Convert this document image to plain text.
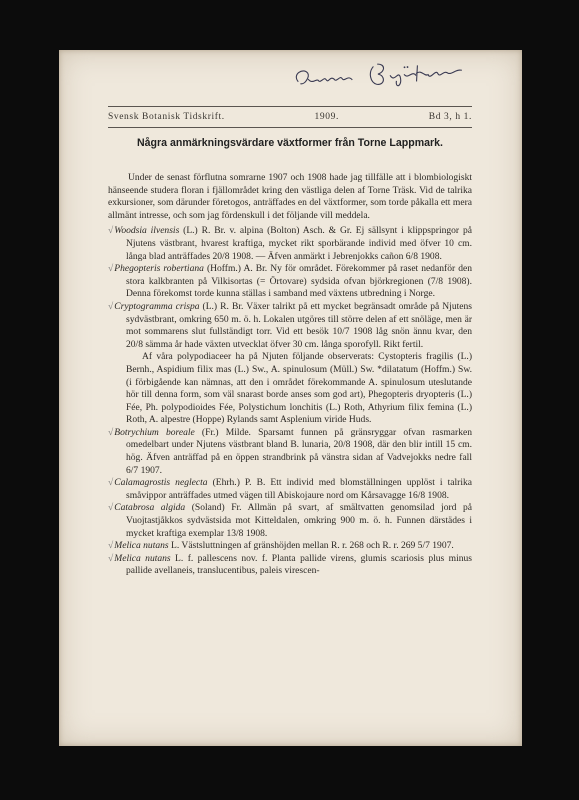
Svensk Botanisk Tidskrift.	1909.	Bd 3, h 1.
Några anmärkningsvärdare växtformer från Torne Lappmark.

Under de senast förflutna somrarne 1907 och 1908 hade jag tillfälle att i blombiologiskt hänseende studera floran i fjällområdet kring den västliga delen af Torne Träsk. Vid de talrika exkursioner, som därunder företogos, anträffades en del växtformer, som torde påkalla ett mera allmänt intresse, och som jag fördenskull i det följande vill meddela.

√Woodsia ilvensis (L.) R. Br. v. alpina (Bolton) Asch. & Gr. Ej sällsynt i klippspringor på Njutens västbrant, hvarest kraftiga, mycket rikt sporbärande individ med öfver 10 cm. långa blad anträffades 20/8 1908. — Äfven anmärkt i Jebrenjokks cañon 6/8 1908.

√Phegopteris robertiana (Hoffm.) A. Br. Ny för området. Förekommer på raset nedanför den stora kalkbranten på Vilkisortas (= Örtovare) sydsida ofvan björkregionen (7/8 1908). Denna förekomst torde kunna ställas i samband med växtens utbredning i Norge.

√Cryptogramma crispa (L.) R. Br. Växer talrikt på ett mycket begränsadt område på Njutens sydvästbrant, omkring 650 m. ö. h. Lokalen utgöres till större delen af ett snöläge, men är mot sommarens slut fullständigt torr. Vid ett besök 10/7 1908 låg snön ännu kvar, den 20/8 sämma år hade växten utvecklat öfver 30 cm. långa sporofyll. Rikt fertil.

Af våra polypodiaceer ha på Njuten följande observerats: Cystopteris fragilis (L.) Bernh., Aspidium filix mas (L.) Sw., A. spinulosum (Müll.) Sw. *dilatatum (Hoffm.) Sw. (i förbigående kan nämnas, att den i området förekommande A. spinulosum uteslutande hör till denna form, som väl snarast borde anses som god art), Phegopteris dryopteris (L.) Fée, Ph. polypodioides Fée, Polystichum lonchitis (L.) Roth, Athyrium filix femina (L.) Roth, A. alpestre (Hoppe) Rylands samt Asplenium viride Huds.

√Botrychium boreale (Fr.) Milde. Sparsamt funnen på gränsryggar ofvan rasmarken omedelbart under Njutens västbrant bland B. lunaria, 20/8 1908, där den blir intill 15 cm. hög. Äfven anträffad på en öppen strandbrink på vänstra sidan af Vadvejokks nedre fall 6/7 1907.

√Calamagrostis neglecta (Ehrh.) P. B. Ett individ med blomställningen upplöst i talrika småvippor anträffades utmed vägen till Abiskojaure nord om Kårsavagge 16/8 1908.

√Catabrosa algida (Soland) Fr. Allmän på svart, af smältvatten genomsilad jord på Vuojtastjåkkos sydvästsida mot Kitteldalen, omkring 900 m. ö. h. Funnen därstädes i mycket kraftiga exemplar 13/8 1908.

√Melica nutans L. Västsluttningen af gränshöjden mellan R. r. 268 och R. r. 269 5/7 1907.

√Melica nutans L. f. pallescens nov. f. Planta pallide virens, glumis scariosis plus minus pallide avellaneis, translucentibus, paleis virescen-
